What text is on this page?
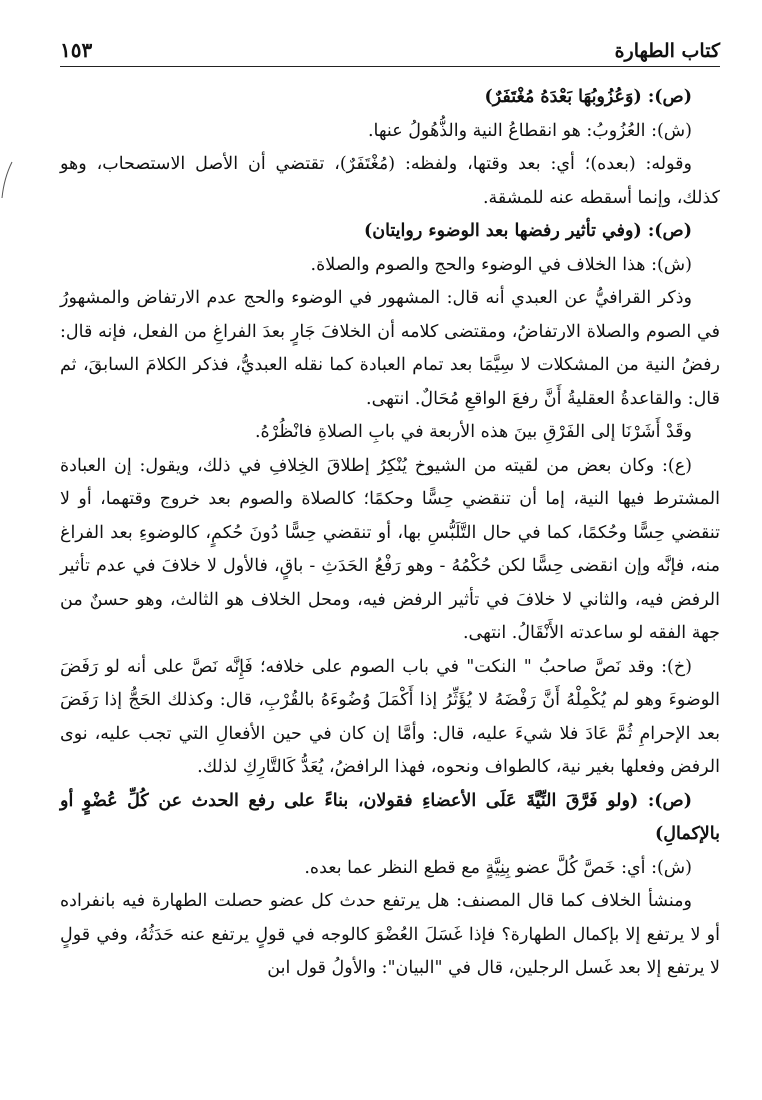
كتاب الطهارة
١٥٣

(ص): (وَعُزُوبُهَا بَعْدَهُ مُغْتَفَرٌ)

(ش): العُزُوبُ: هو انقطاعُ النية والذُّهُولُ عنها.

وقوله: (بعده)؛ أي: بعد وقتها، ولفظه: (مُغْتَفَرٌ)، تقتضي أن الأصل الاستصحاب، وهو كذلك، وإنما أسقطه عنه للمشقة.

(ص): (وفي تأثير رفضها بعد الوضوء روايتان)

(ش): هذا الخلاف في الوضوء والحج والصوم والصلاة.

وذكر القرافيُّ عن العبدي أنه قال: المشهور في الوضوء والحج عدم الارتفاض والمشهورُ في الصوم والصلاة الارتفاضُ، ومقتضى كلامه أن الخلافَ جَارٍ بعدَ الفراغِ من الفعل، فإنه قال: رفضُ النية من المشكلات لا سِيَّمَا بعد تمام العبادة كما نقله العبديُّ، فذكر الكلامَ السابقَ، ثم قال: والقاعدةُ العقليةُ أَنَّ رفعَ الواقعِ مُحَالٌ. انتهى.

وقَدْ أَشَرْنَا إلى الفَرْقِ بينَ هذه الأربعة في بابِ الصلاةِ فانْظُرْهُ.

(ع): وكان بعض من لقيته من الشيوخ يُنْكِرُ إطلاقَ الخِلافِ في ذلك، ويقول: إن العبادة المشترط فيها النية، إما أن تنقضي حِسًّا وحكمًا؛ كالصلاة والصوم بعد خروج وقتهما، أو لا تنقضي حِسًّا وحُكمًا، كما في حال التَّلَبُّسِ بها، أو تنقضي حِسًّا دُونَ حُكمٍ، كالوضوءِ بعد الفراغ منه، فإنَّه وإن انقضى حِسًّا لكن حُكْمُهُ - وهو رَفْعُ الحَدَثِ - باقٍ، فالأول لا خلافَ في عدم تأثير الرفض فيه، والثاني لا خلافَ في تأثير الرفض فيه، ومحل الخلاف هو الثالث، وهو حسنٌ من جهة الفقه لو ساعدته الأَنْقَالُ. انتهى.

(خ): وقد نَصَّ صاحبُ " النكت" في باب الصوم على خلافه؛ فَإِنَّه نَصَّ على أنه لو رَفَضَ الوضوءَ وهو لم يُكْمِلْهُ أَنَّ رَفْضَهُ لا يُؤَثِّرُ إذا أَكْمَلَ وُضُوءَهُ بالقُرْبِ، قال: وكذلك الحَجُّ إذا رَفَضَ بعد الإحرامِ ثُمَّ عَادَ فلا شيءَ عليه، قال: وأمَّا إن كان في حين الأفعالِ التي تجب عليه، نوى الرفض وفعلها بغير نية، كالطواف ونحوه، فهذا الرافضُ، يُعَدُّ كَالتَّارِكِ لذلك.

(ص): (ولو فَرَّقَ النِّيَّةَ عَلَى الأعضاءِ فقولان، بناءً على رفع الحدث عن كُلِّ عُضْوٍ أو بالإكمالِ)

(ش): أي: خَصَّ كُلَّ عضو بِنِيَّةٍ مع قطع النظر عما بعده.

ومنشأ الخلاف كما قال المصنف: هل يرتفع حدث كل عضو حصلت الطهارة فيه بانفراده أو لا يرتفع إلا بإكمال الطهارة؟ فإذا غَسَلَ العُضْوَ كالوجه في قولٍ يرتفع عنه حَدَثُهُ، وفي قولٍ لا يرتفع إلا بعد غَسل الرجلين، قال في "البيان": والأولُ قول ابن
